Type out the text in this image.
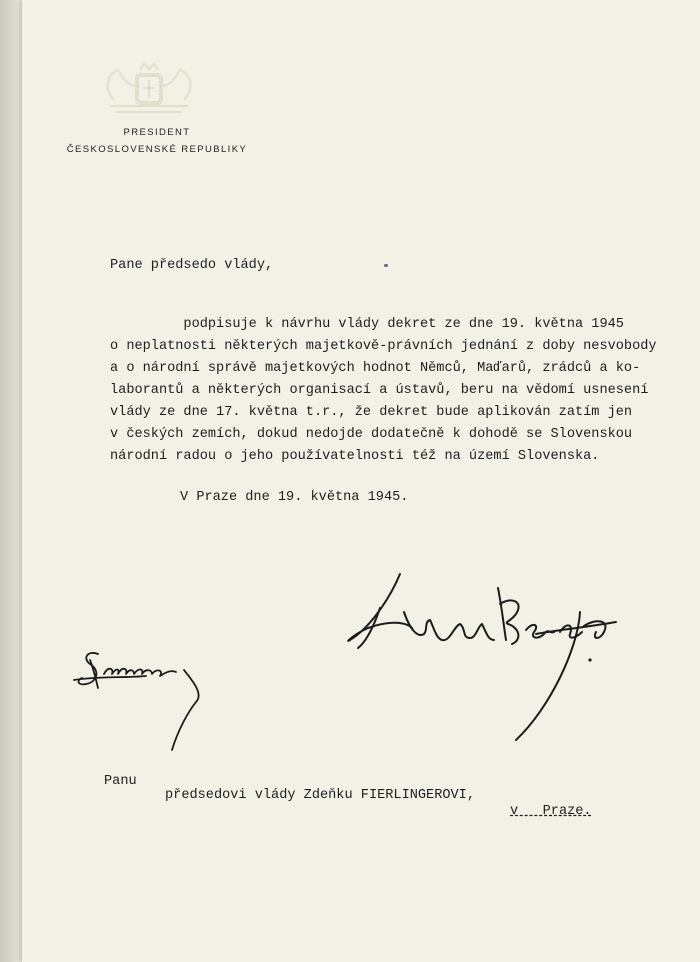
PRESIDENT
ČESKOSLOVENSKÉ REPUBLIKY
Pane předsedo vlády,
podpisuje k návrhu vlády dekret ze dne 19. května 1945
o neplatnosti některých majetkově-právních jednání z doby nesvobody
a o národní správě majetkových hodnot Němců, Maďarů, zrádců a ko-
laborantů a některých organisací a ústavů, beru na vědomí usnesení
vlády ze dne 17. května t.r., že dekret bude aplikován zatím jen
v českých zemích, dokud nedojde dodatečně k dohodě se Slovenskou
národní radou o jeho používatelnosti též na území Slovenska.
V Praze dne 19. května 1945.
Panu
předsedovi vlády Zdeňku FIERLINGEROVI,
v   Praze.
